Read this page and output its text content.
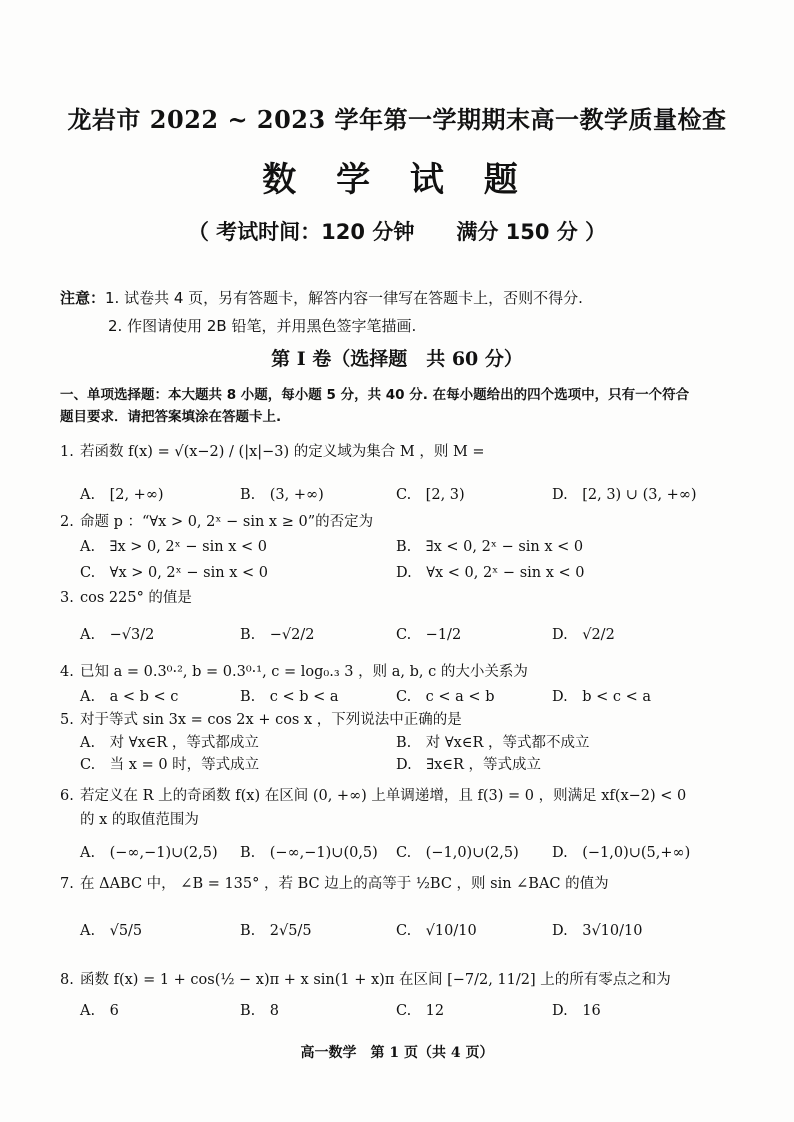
龙岩市 2022 ~ 2023 学年第一学期期末高一教学质量检查
数 学 试 题
（ 考试时间：120 分钟　　满分 150 分 ）
注意：1. 试卷共 4 页，另有答题卡，解答内容一律写在答题卡上，否则不得分.
2. 作图请使用 2B 铅笔，并用黑色签字笔描画.
第 I 卷（选择题　共 60 分）
一、单项选择题：本大题共 8 小题，每小题 5 分，共 40 分. 在每小题给出的四个选项中，只有一个符合题目要求．请把答案填涂在答题卡上.
1. 若函数 f(x) = √(x−2) / (|x|−3) 的定义域为集合 M ，则 M =
A.　[2, +∞)	B.　(3, +∞)	C.　[2, 3)	D.　[2, 3) ∪ (3, +∞)
2. 命题 p ：“∀x > 0, 2ˣ − sin x ≥ 0”的否定为
A.　∃x > 0, 2ˣ − sin x < 0	B.　∃x < 0, 2ˣ − sin x < 0
C.　∀x > 0, 2ˣ − sin x < 0	D.　∀x < 0, 2ˣ − sin x < 0
3. cos 225° 的值是
A.　−√3/2	B.　−√2/2	C.　−1/2	D.　√2/2
4. 已知 a = 0.3⁰·², b = 0.3⁰·¹, c = log₀.₃ 3 ，则 a, b, c 的大小关系为
A.　a < b < c	B.　c < b < a	C.　c < a < b	D.　b < c < a
5. 对于等式 sin 3x = cos 2x + cos x ，下列说法中正确的是
A.　对 ∀x∈R ，等式都成立	B.　对 ∀x∈R ，等式都不成立
C.　当 x = 0 时，等式成立	D.　∃x∈R ，等式成立
6. 若定义在 R 上的奇函数 f(x) 在区间 (0, +∞) 上单调递增，且 f(3) = 0 ，则满足 xf(x−2) < 0
的 x 的取值范围为
A.　(−∞,−1)∪(2,5) B.　(−∞,−1)∪(0,5) C.　(−1,0)∪(2,5) D.　(−1,0)∪(5,+∞)
7. 在 ΔABC 中， ∠B = 135° ，若 BC 边上的高等于 ½BC ，则 sin ∠BAC 的值为
A.　√5/5	B.　2√5/5	C.　√10/10	D.　3√10/10
8. 函数 f(x) = 1 + cos(½ − x)π + x sin(1 + x)π 在区间 [−7/2, 11/2] 上的所有零点之和为
A.　6	B.　8	C.　12	D.　16
高一数学　第 1 页（共 4 页）
